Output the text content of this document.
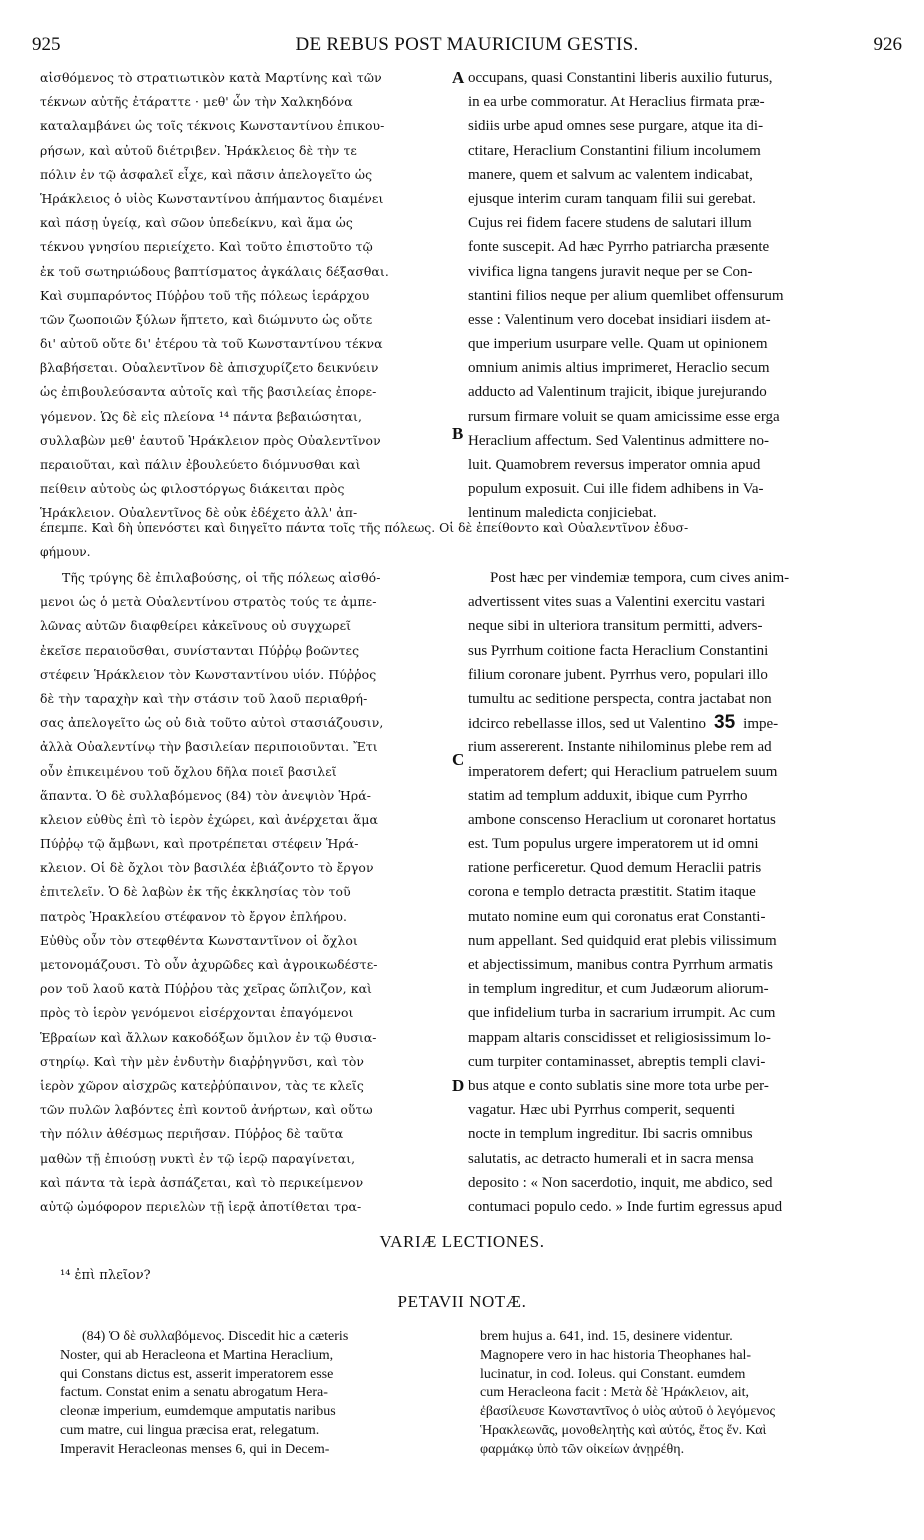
925	DE REBUS POST MAURICIUM GESTIS.	926
αἰσθόμενος τὸ στρατιωτικὸν κατὰ Μαρτίνης καὶ τῶν
τέκνων αὐτῆς ἐτάραττε · μεθ' ὧν τὴν Χαλκηδόνα
καταλαμβάνει ὡς τοῖς τέκνοις Κωνσταντίνου ἐπικου-
ρήσων, καὶ αὐτοῦ διέτριβεν. Ἡράκλειος δὲ τὴν τε
πόλιν ἐν τῷ ἀσφαλεῖ εἶχε, καὶ πᾶσιν ἀπελογεῖτο ὡς
Ἡράκλειος ὁ υἱὸς Κωνσταντίνου ἀπήμαντος διαμένει
καὶ πάσῃ ὑγείᾳ, καὶ σῶον ὑπεδείκνυ, καὶ ἅμα ὡς
τέκνου γνησίου περιείχετο. Καὶ τοῦτο ἐπιστοῦτο τῷ
ἐκ τοῦ σωτηριώδους βαπτίσματος ἀγκάλαις δέξασθαι.
Καὶ συμπαρόντος Πύῤῥου τοῦ τῆς πόλεως ἱεράρχου
τῶν ζωοποιῶν ξύλων ἥπτετο, καὶ διώμνυτο ὡς οὔτε
δι' αὐτοῦ οὔτε δι' ἑτέρου τὰ τοῦ Κωνσταντίνου τέκνα
βλαβήσεται. Οὐαλεντῖνον δὲ ἀπισχυρίζετο δεικνύειν
ὡς ἐπιβουλεύσαντα αὐτοῖς καὶ τῆς βασιλείας ἐπορε-
γόμενον. Ὡς δὲ εἰς πλείονα ¹⁴ πάντα βεβαιώσηται,
συλλαβὼν μεθ' ἑαυτοῦ Ἡράκλειον πρὸς Οὐαλεντῖνον
περαιοῦται, καὶ πάλιν ἐβουλεύετο διόμνυσθαι καὶ
πείθειν αὐτοὺς ὡς φιλοστόργως διάκειται πρὸς
Ἡράκλειον. Οὐαλεντῖνος δὲ οὐκ ἐδέχετο ἀλλ' ἀπ-
occupans, quasi Constantini liberis auxilio futurus,
in ea urbe commoratur. At Heraclius firmata præ-
sidiis urbe apud omnes sese purgare, atque ita di-
ctitare, Heraclium Constantini filium incolumem
manere, quem et salvum ac valentem indicabat,
ejusque interim curam tanquam filii sui gerebat.
Cujus rei fidem facere studens de salutari illum
fonte suscepit. Ad hæc Pyrrho patriarcha præsente
vivifica ligna tangens juravit neque per se Con-
stantini filios neque per alium quemlibet offensurum
esse : Valentinum vero docebat insidiari iisdem at-
que imperium usurpare velle. Quam ut opinionem
omnium animis altius imprimeret, Heraclio secum
adducto ad Valentinum trajicit, ibique jurejurando
rursum firmare voluit se quam amicissime esse erga
Heraclium affectum. Sed Valentinus admittere no-
luit. Quamobrem reversus imperator omnia apud
populum exposuit. Cui ille fidem adhibens in Va-
lentinum maledicta conjiciebat.
έπεμπε. Καὶ δὴ ὑπενόστει καὶ διηγεῖτο πάντα τοῖς τῆς πόλεως. Οἱ δὲ ἐπείθοντο καὶ Οὐαλεντῖνον ἐδυσ-
φήμουν.
Τῆς τρύγης δὲ ἐπιλαβούσης, οἱ τῆς πόλεως αἰσθό-
μενοι ὡς ὁ μετὰ Οὐαλεντίνου στρατὸς τούς τε ἀμπε-
λῶνας αὐτῶν διαφθείρει κἀκεῖνους οὐ συγχωρεῖ
ἐκεῖσε περαιοῦσθαι, συνίστανται Πύῤῥῳ βοῶντες
στέφειν Ἡράκλειον τὸν Κωνσταντίνου υἱόν. Πύῤῥος
δὲ τὴν ταραχὴν καὶ τὴν στάσιν τοῦ λαοῦ περιαθρή-
σας ἀπελογεῖτο ὡς οὐ διὰ τοῦτο αὐτοὶ στασιάζουσιν,
ἀλλὰ Οὐαλεντίνῳ τὴν βασιλείαν περιποιοῦνται. Ἔτι
οὖν ἐπικειμένου τοῦ ὄχλου δῆλα ποιεῖ βασιλεῖ
ἅπαντα. Ὁ δὲ συλλαβόμενος (84) τὸν ἀνεψιὸν Ἡρά-
κλειον εὐθὺς ἐπὶ τὸ ἱερὸν ἐχώρει, καὶ ἀνέρχεται ἅμα
Πύῤῥῳ τῷ ἄμβωνι, καὶ προτρέπεται στέφειν Ἡρά-
κλειον. Οἱ δὲ ὄχλοι τὸν βασιλέα ἐβιάζοντο τὸ ἔργον
ἐπιτελεῖν. Ὁ δὲ λαβὼν ἐκ τῆς ἐκκλησίας τὸν τοῦ
πατρὸς Ἡρακλείου στέφανον τὸ ἔργον ἐπλήρου.
Εὐθὺς οὖν τὸν στεφθέντα Κωνσταντῖνον οἱ ὄχλοι
μετονομάζουσι. Τὸ οὖν ἀχυρῶδες καὶ ἀγροικωδέστε-
ρον τοῦ λαοῦ κατὰ Πύῤῥου τὰς χεῖρας ὥπλιζον, καὶ
πρὸς τὸ ἱερὸν γενόμενοι εἰσέρχονται ἐπαγόμενοι
Ἑβραίων καὶ ἄλλων κακοδόξων ὅμιλον ἐν τῷ θυσια-
στηρίῳ. Καὶ τὴν μὲν ἐνδυτὴν διαῤῥηγνῦσι, καὶ τὸν
ἱερὸν χῶρον αἰσχρῶς κατεῤῥύπαινον, τὰς τε κλεῖς
τῶν πυλῶν λαβόντες ἐπὶ κοντοῦ ἀνήρτων, καὶ οὕτω
τὴν πόλιν ἀθέσμως περιῆσαν. Πύῤῥος δὲ ταῦτα
μαθὼν τῇ ἐπιούσῃ νυκτὶ ἐν τῷ ἱερῷ παραγίνεται,
καὶ πάντα τὰ ἱερὰ ἀσπάζεται, καὶ τὸ περικείμενον
αὐτῷ ὠμόφορον περιελὼν τῇ ἱερᾷ ἀποτίθεται τρα-
Post hæc per vindemiæ tempora, cum cives anim-
advertissent vites suas a Valentini exercitu vastari
neque sibi in ulteriora transitum permitti, advers-
sus Pyrrhum coitione facta Heraclium Constantini
filium coronare jubent. Pyrrhus vero, populari illo
tumultu ac seditione perspecta, contra jactabat non
idcirco rebellasse illos, sed ut Valentino 35 impe-
rium assererent. Instante nihilominus plebe rem ad
imperatorem defert; qui Heraclium patruelem suum
statim ad templum adduxit, ibique cum Pyrrho
ambone conscenso Heraclium ut coronaret hortatus
est. Tum populus urgere imperatorem ut id omni
ratione perficeretur. Quod demum Heraclii patris
corona e templo detracta præstitit. Statim itaque
mutato nomine eum qui coronatus erat Constanti-
num appellant. Sed quidquid erat plebis vilissimum
et abjectissimum, manibus contra Pyrrhum armatis
in templum ingreditur, et cum Judæorum aliorum-
que infidelium turba in sacrarium irrumpit. Ac cum
mappam altaris conscidisset et religiosissimum lo-
cum turpiter contaminasset, abreptis templi clavi-
bus atque e conto sublatis sine more tota urbe per-
vagatur. Hæc ubi Pyrrhus comperit, sequenti
nocte in templum ingreditur. Ibi sacris omnibus
salutatis, ac detracto humerali et in sacra mensa
deposito : « Non sacerdotio, inquit, me abdico, sed
contumaci populo cedo. » Inde furtim egressus apud
A
B
C
D
VARIÆ LECTIONES.
¹⁴ ἐπὶ πλεῖον?
PETAVII NOTÆ.
(84) Ὁ δὲ συλλαβόμενος. Discedit hic a cæteris
Noster, qui ab Heracleona et Martina Heraclium,
qui Constans dictus est, asserit imperatorem esse
factum. Constat enim a senatu abrogatum Hera-
cleonæ imperium, eumdemque amputatis naribus
cum matre, cui lingua præcisa erat, relegatum.
Imperavit Heracleonas menses 6, qui in Decem-
brem hujus a. 641, ind. 15, desinere videntur.
Magnopere vero in hac historia Theophanes hal-
lucinatur, in cod. Ioleus. qui Constant. eumdem
cum Heracleona facit : Μετὰ δὲ Ἡράκλειον, ait,
ἐβασίλευσε Κωνσταντῖνος ὁ υἱὸς αὐτοῦ ὁ λεγόμενος
Ἡρακλεωνᾶς, μονοθελητὴς καὶ αὐτός, ἔτος ἕν. Καὶ
φαρμάκῳ ὑπὸ τῶν οἰκείων ἀνῃρέθη.
